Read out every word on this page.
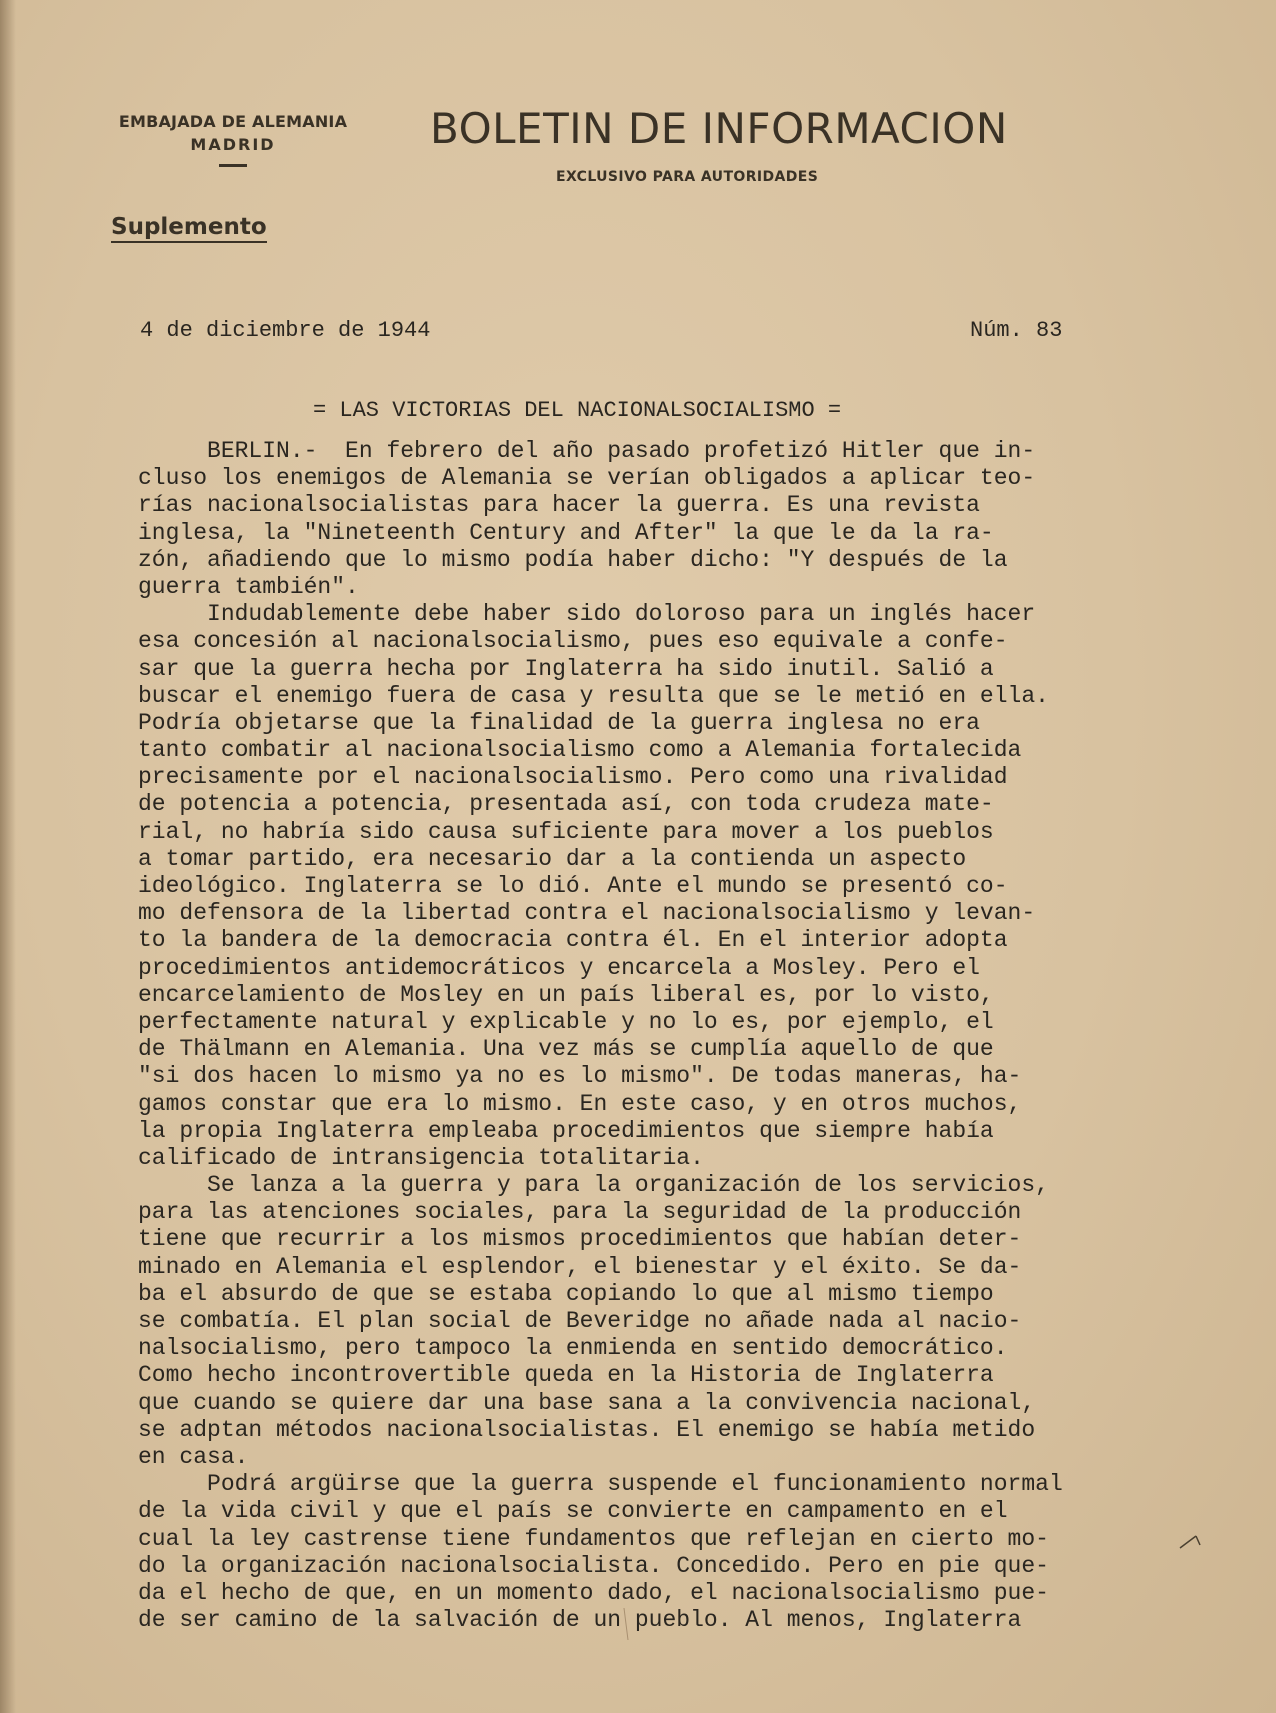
EMBAJADA DE ALEMANIA
MADRID	BOLETIN DE INFORMACION
EXCLUSIVO PARA AUTORIDADES
Suplemento
4 de diciembre de 1944	Núm. 83
= LAS VICTORIAS DEL NACIONALSOCIALISMO =
BERLIN.-  En febrero del año pasado profetizó Hitler que in-
cluso los enemigos de Alemania se verían obligados a aplicar teo-
rías nacionalsocialistas para hacer la guerra. Es una revista
inglesa, la "Nineteenth Century and After" la que le da la ra-
zón, añadiendo que lo mismo podía haber dicho: "Y después de la
guerra también".
Indudablemente debe haber sido doloroso para un inglés hacer
esa concesión al nacionalsocialismo, pues eso equivale a confe-
sar que la guerra hecha por Inglaterra ha sido inutil. Salió a
buscar el enemigo fuera de casa y resulta que se le metió en ella.
Podría objetarse que la finalidad de la guerra inglesa no era
tanto combatir al nacionalsocialismo como a Alemania fortalecida
precisamente por el nacionalsocialismo. Pero como una rivalidad
de potencia a potencia, presentada así, con toda crudeza mate-
rial, no habría sido causa suficiente para mover a los pueblos
a tomar partido, era necesario dar a la contienda un aspecto
ideológico. Inglaterra se lo dió. Ante el mundo se presentó co-
mo defensora de la libertad contra el nacionalsocialismo y levan-
to la bandera de la democracia contra él. En el interior adopta
procedimientos antidemocráticos y encarcela a Mosley. Pero el
encarcelamiento de Mosley en un país liberal es, por lo visto,
perfectamente natural y explicable y no lo es, por ejemplo, el
de Thälmann en Alemania. Una vez más se cumplía aquello de que
"si dos hacen lo mismo ya no es lo mismo". De todas maneras, ha-
gamos constar que era lo mismo. En este caso, y en otros muchos,
la propia Inglaterra empleaba procedimientos que siempre había
calificado de intransigencia totalitaria.
Se lanza a la guerra y para la organización de los servicios,
para las atenciones sociales, para la seguridad de la producción
tiene que recurrir a los mismos procedimientos que habían deter-
minado en Alemania el esplendor, el bienestar y el éxito. Se da-
ba el absurdo de que se estaba copiando lo que al mismo tiempo
se combatía. El plan social de Beveridge no añade nada al nacio-
nalsocialismo, pero tampoco la enmienda en sentido democrático.
Como hecho incontrovertible queda en la Historia de Inglaterra
que cuando se quiere dar una base sana a la convivencia nacional,
se adptan métodos nacionalsocialistas. El enemigo se había metido
en casa.
Podrá argüirse que la guerra suspende el funcionamiento normal
de la vida civil y que el país se convierte en campamento en el
cual la ley castrense tiene fundamentos que reflejan en cierto mo-
do la organización nacionalsocialista. Concedido. Pero en pie que-
da el hecho de que, en un momento dado, el nacionalsocialismo pue-
de ser camino de la salvación de un pueblo. Al menos, Inglaterra
